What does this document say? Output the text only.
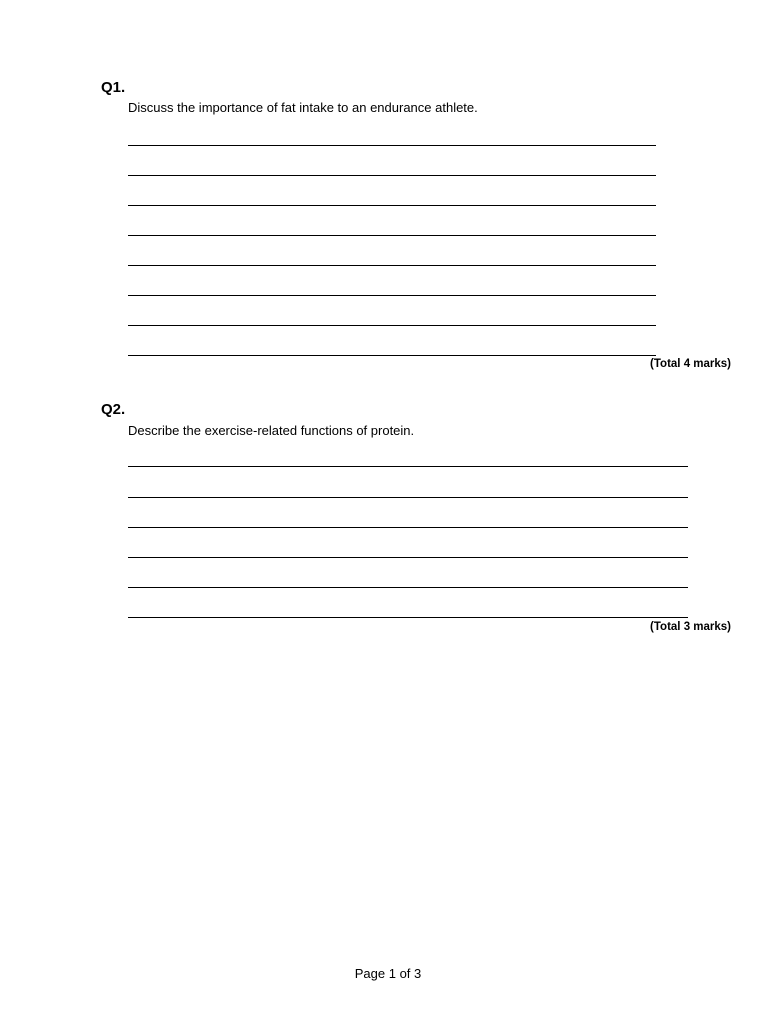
Q1.
Discuss the importance of fat intake to an endurance athlete.
(Total 4 marks)
Q2.
Describe the exercise-related functions of protein.
(Total 3 marks)
Page 1 of 3
